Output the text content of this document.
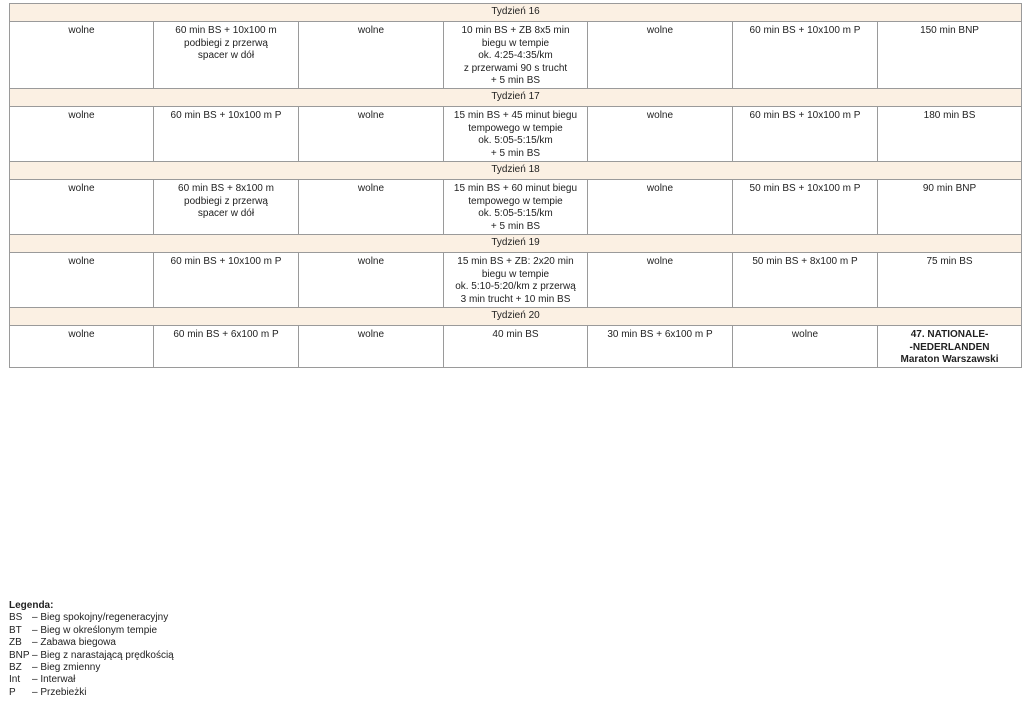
Tydzień 16						
wolne	60 min BS + 10x100 m
podbiegi z przerwą
spacer w dół	wolne	10 min BS + ZB 8x5 min
biegu w tempie
ok. 4:25-4:35/km
z przerwami 90 s trucht
+ 5 min BS	wolne	60 min BS + 10x100 m P	150 min BNP
Tydzień 17						
wolne	60 min BS + 10x100 m P	wolne	15 min BS + 45 minut biegu
tempowego w tempie
ok. 5:05-5:15/km
+ 5 min BS	wolne	60 min BS + 10x100 m P	180 min BS
Tydzień 18						
wolne	60 min BS + 8x100 m
podbiegi z przerwą
spacer w dół	wolne	15 min BS + 60 minut biegu
tempowego w tempie
ok. 5:05-5:15/km
+ 5 min BS	wolne	50 min BS + 10x100 m P	90 min BNP
Tydzień 19						
wolne	60 min BS + 10x100 m P	wolne	15 min BS + ZB: 2x20 min
biegu w tempie
ok. 5:10-5:20/km z przerwą
3 min trucht + 10 min BS	wolne	50 min BS + 8x100 m P	75 min BS
Tydzień 20						
wolne	60 min BS + 6x100 m P	wolne	40 min BS	30 min BS + 6x100 m P	wolne	47. NATIONALE-
-NEDERLANDEN
Maraton Warszawski
Legenda:
BS – Bieg spokojny/regeneracyjny
BT	– Bieg w określonym tempie
ZB	– Zabawa biegowa
BNP – Bieg z narastającą prędkością
BZ	– Bieg zmienny
Int	– Interwał
P	– Przebieżki
